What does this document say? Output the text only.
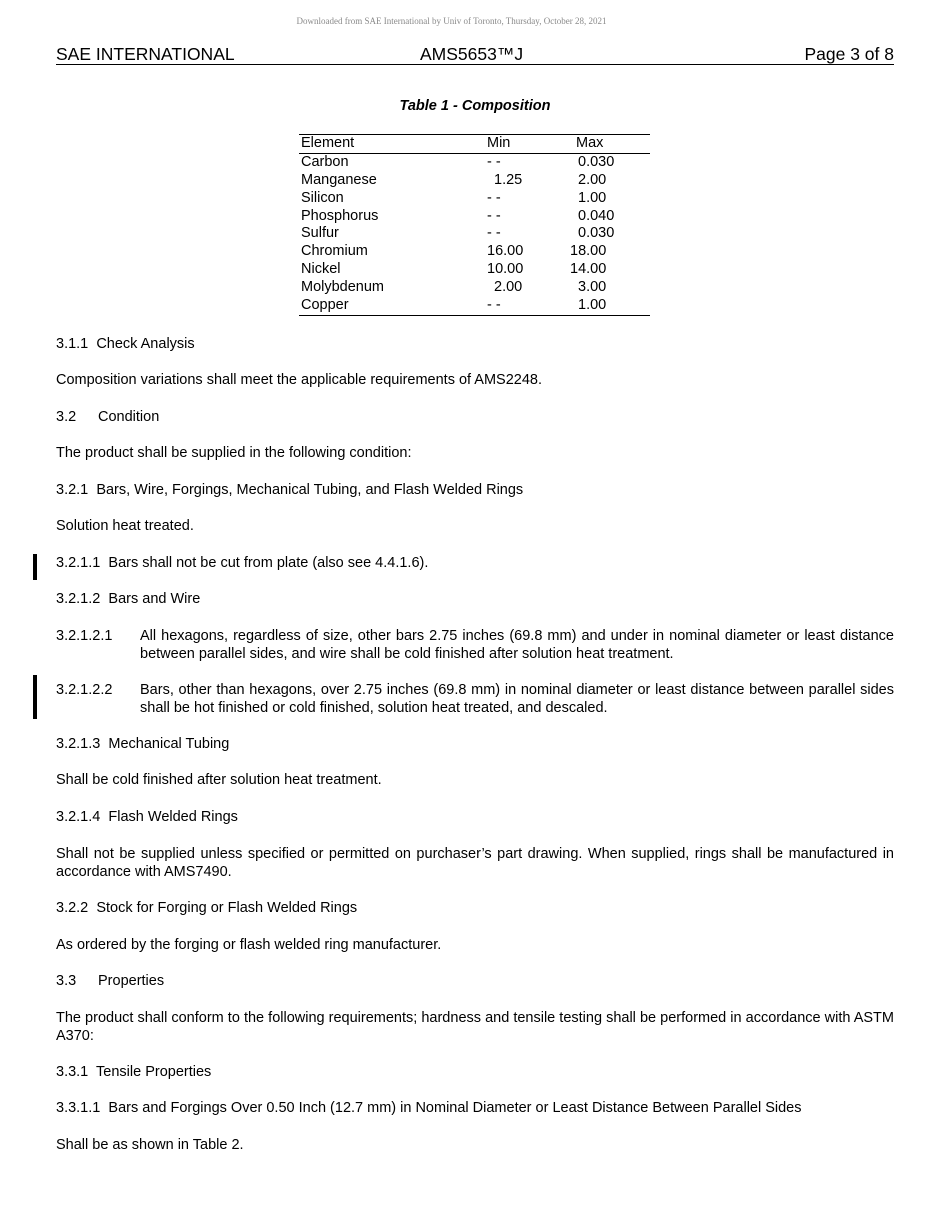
Downloaded from SAE International by Univ of Toronto, Thursday, October 28, 2021
SAE INTERNATIONAL	AMS5653™J	Page 3 of 8
Table 1 - Composition
Element	Min	Max
Carbon	- -	0.030
Manganese	1.25	2.00
Silicon	- -	1.00
Phosphorus	- -	0.040
Sulfur	- -	0.030
Chromium	16.00	18.00
Nickel	10.00	14.00
Molybdenum	2.00	3.00
Copper	- -	1.00
3.1.1 Check Analysis
Composition variations shall meet the applicable requirements of AMS2248.
3.2 Condition
The product shall be supplied in the following condition:
3.2.1 Bars, Wire, Forgings, Mechanical Tubing, and Flash Welded Rings
Solution heat treated.
3.2.1.1 Bars shall not be cut from plate (also see 4.4.1.6).
3.2.1.2 Bars and Wire
3.2.1.2.1 All hexagons, regardless of size, other bars 2.75 inches (69.8 mm) and under in nominal diameter or least distance between parallel sides, and wire shall be cold finished after solution heat treatment.
3.2.1.2.2 Bars, other than hexagons, over 2.75 inches (69.8 mm) in nominal diameter or least distance between parallel sides shall be hot finished or cold finished, solution heat treated, and descaled.
3.2.1.3 Mechanical Tubing
Shall be cold finished after solution heat treatment.
3.2.1.4 Flash Welded Rings
Shall not be supplied unless specified or permitted on purchaser’s part drawing. When supplied, rings shall be manufactured in accordance with AMS7490.
3.2.2 Stock for Forging or Flash Welded Rings
As ordered by the forging or flash welded ring manufacturer.
3.3 Properties
The product shall conform to the following requirements; hardness and tensile testing shall be performed in accordance with ASTM A370:
3.3.1 Tensile Properties
3.3.1.1 Bars and Forgings Over 0.50 Inch (12.7 mm) in Nominal Diameter or Least Distance Between Parallel Sides
Shall be as shown in Table 2.
